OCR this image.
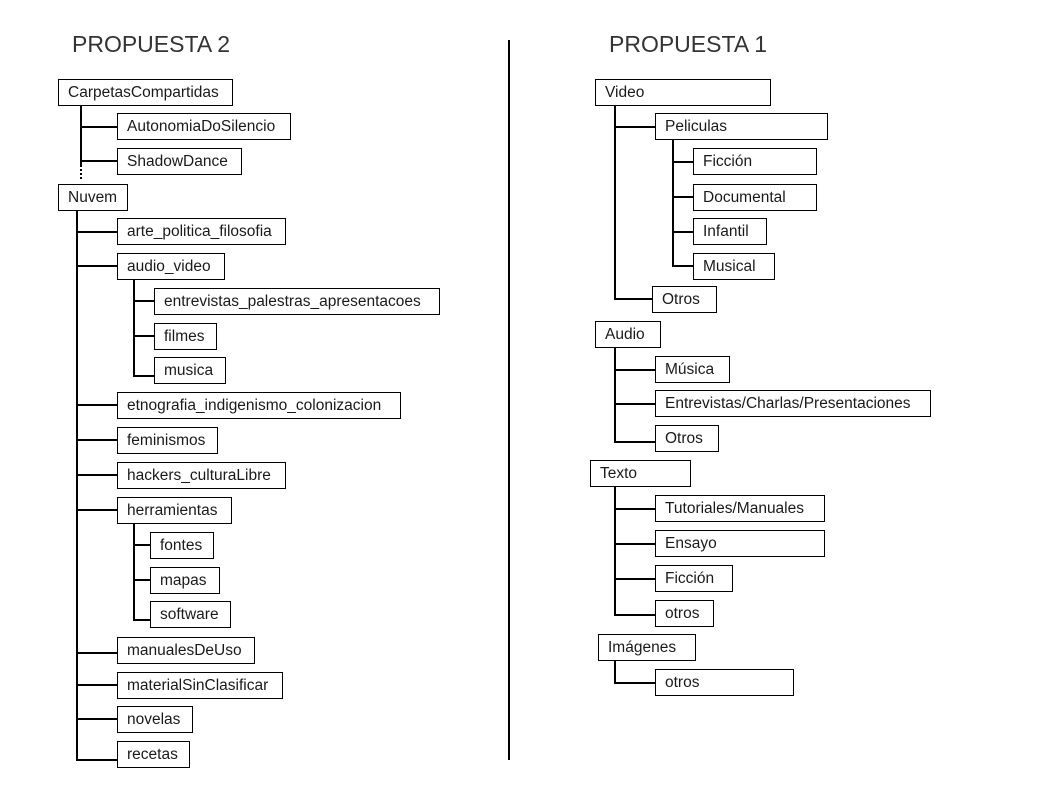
PROPUESTA 2
CarpetasCompartidas
AutonomiaDoSilencio
ShadowDance
Nuvem
arte_politica_filosofia
audio_video
entrevistas_palestras_apresentacoes
filmes
musica
etnografia_indigenismo_colonizacion
feminismos
hackers_culturaLibre
herramientas
fontes
mapas
software
manualesDeUso
materialSinClasificar
novelas
recetas
PROPUESTA 1
Video
Peliculas
Ficción
Documental
Infantil
Musical
Otros
Audio
Música
Entrevistas/Charlas/Presentaciones
Otros
Texto
Tutoriales/Manuales
Ensayo
Ficción
otros
Imágenes
otros
